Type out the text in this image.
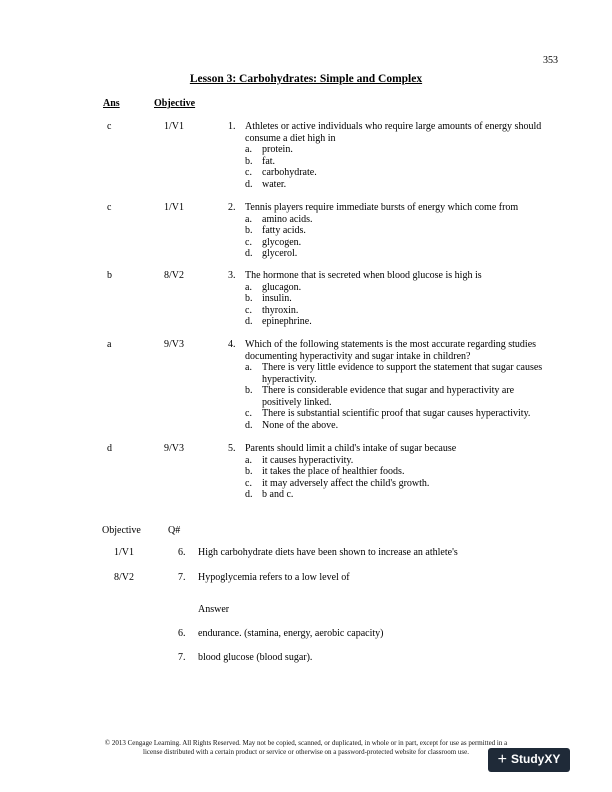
353
Lesson 3: Carbohydrates: Simple and Complex
Ans	Objective
c	1/V1	1. Athletes or active individuals who require large amounts of energy should consume a diet high in
a. protein.
b. fat.
c. carbohydrate.
d. water.
c	1/V1	2. Tennis players require immediate bursts of energy which come from
a. amino acids.
b. fatty acids.
c. glycogen.
d. glycerol.
b	8/V2	3. The hormone that is secreted when blood glucose is high is
a. glucagon.
b. insulin.
c. thyroxin.
d. epinephrine.
a	9/V3	4. Which of the following statements is the most accurate regarding studies documenting hyperactivity and sugar intake in children?
a. There is very little evidence to support the statement that sugar causes hyperactivity.
b. There is considerable evidence that sugar and hyperactivity are positively linked.
c. There is substantial scientific proof that sugar causes hyperactivity.
d. None of the above.
d	9/V3	5. Parents should limit a child's intake of sugar because
a. it causes hyperactivity.
b. it takes the place of healthier foods.
c. it may adversely affect the child's growth.
d. b and c.
Objective	Q#
1/V1	6. High carbohydrate diets have been shown to increase an athlete's
8/V2	7. Hypoglycemia refers to a low level of
Answer
6. endurance. (stamina, energy, aerobic capacity)
7. blood glucose (blood sugar).
© 2013 Cengage Learning. All Rights Reserved. May not be copied, scanned, or duplicated, in whole or in part, except for use as permitted in a
license distributed with a certain product or service or otherwise on a password-protected website for classroom use.	+ StudyXY
